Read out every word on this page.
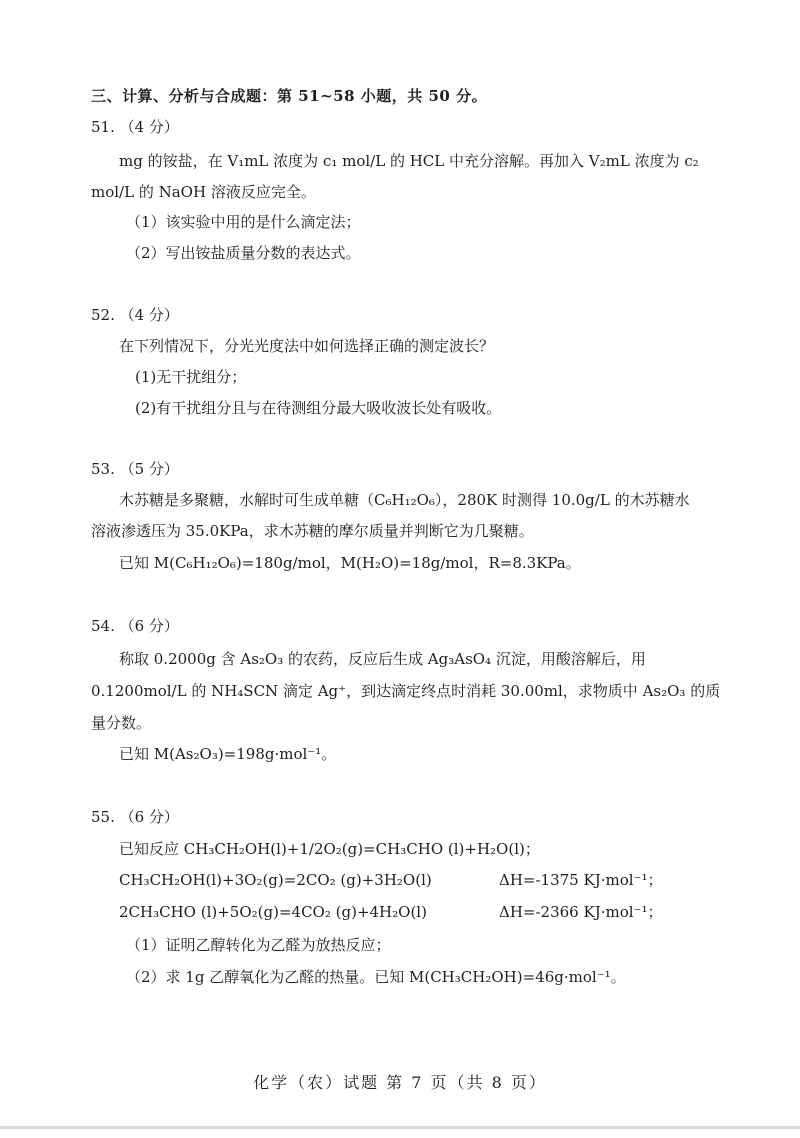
三、计算、分析与合成题：第 51~58 小题，共 50 分。
51. （4 分）
mg 的铵盐，在 V₁mL 浓度为 c₁ mol/L 的 HCL 中充分溶解。再加入 V₂mL 浓度为 c₂
mol/L 的 NaOH 溶液反应完全。
（1）该实验中用的是什么滴定法；
（2）写出铵盐质量分数的表达式。
52. （4 分）
在下列情况下，分光光度法中如何选择正确的测定波长？
(1)无干扰组分；
(2)有干扰组分且与在待测组分最大吸收波长处有吸收。
53. （5 分）
木苏糖是多聚糖，水解时可生成单糖（C₆H₁₂O₆），280K 时测得 10.0g/L 的木苏糖水
溶液渗透压为 35.0KPa，求木苏糖的摩尔质量并判断它为几聚糖。
已知 M(C₆H₁₂O₆)=180g/mol，M(H₂O)=18g/mol，R=8.3KPa。
54. （6 分）
称取 0.2000g 含 As₂O₃ 的农药，反应后生成 Ag₃AsO₄ 沉淀，用酸溶解后，用
0.1200mol/L 的 NH₄SCN 滴定 Ag⁺，到达滴定终点时消耗 30.00ml，求物质中 As₂O₃ 的质
量分数。
已知 M(As₂O₃)=198g·mol⁻¹。
55. （6 分）
已知反应 CH₃CH₂OH(l)+1/2O₂(g)=CH₃CHO (l)+H₂O(l)；
CH₃CH₂OH(l)+3O₂(g)=2CO₂ (g)+3H₂O(l)	ΔH=-1375 KJ·mol⁻¹；
2CH₃CHO (l)+5O₂(g)=4CO₂ (g)+4H₂O(l)	ΔH=-2366 KJ·mol⁻¹；
（1）证明乙醇转化为乙醛为放热反应；
（2）求 1g 乙醇氧化为乙醛的热量。已知 M(CH₃CH₂OH)=46g·mol⁻¹。
化学（农）试题 第 7 页（共 8 页）
